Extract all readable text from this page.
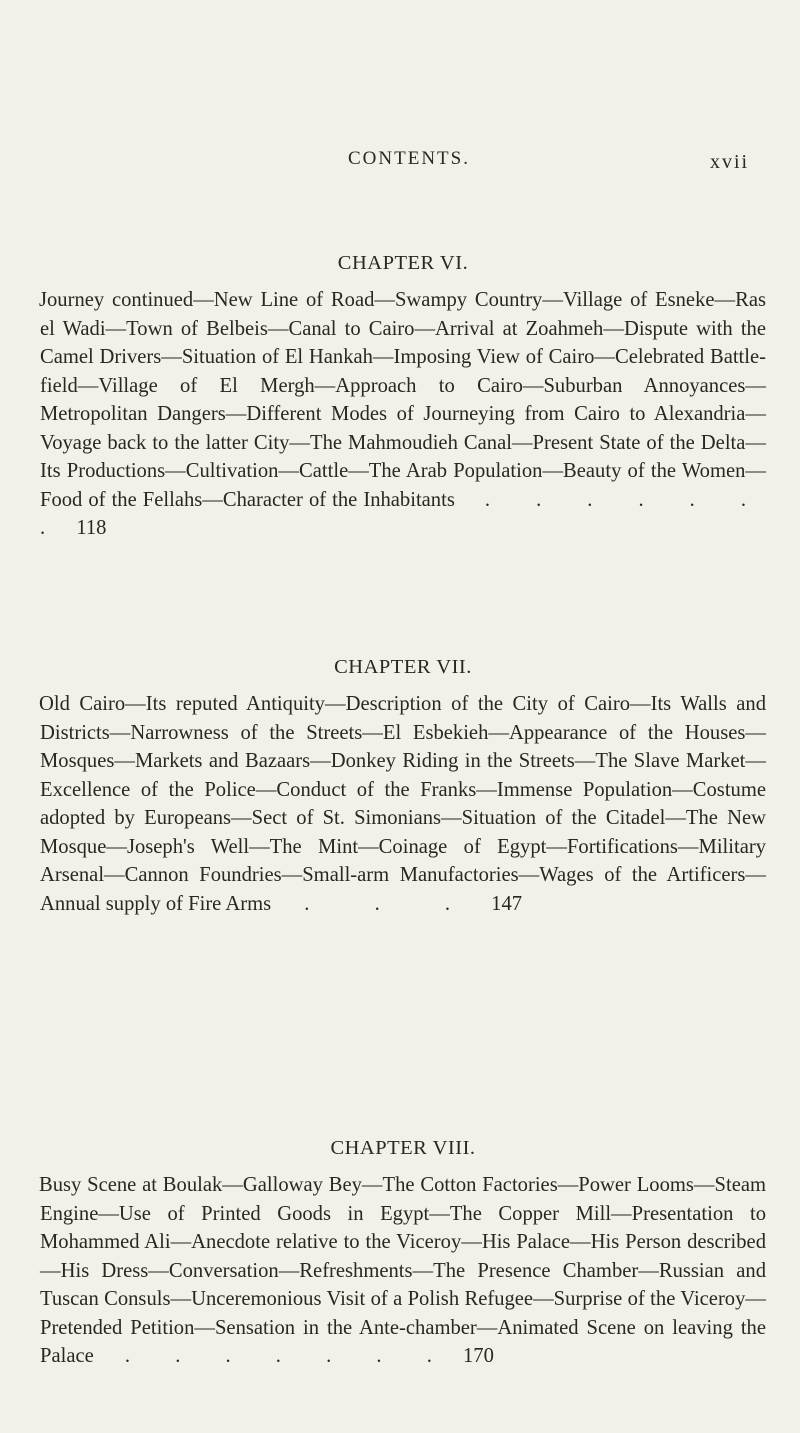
CONTENTS.	xvii
CHAPTER VI.

Journey continued—New Line of Road—Swampy Country—Village of Esneke—Ras el Wadi—Town of Belbeis—Canal to Cairo—Arrival at Zoahmeh—Dispute with the Camel Drivers—Situation of El Hankah—Imposing View of Cairo—Celebrated Battle-field—Village of El Mergh—Approach to Cairo—Suburban Annoyances—Metropolitan Dangers—Different Modes of Journeying from Cairo to Alexandria—Voyage back to the latter City—The Mahmoudieh Canal—Present State of the Delta—Its Productions—Cultivation—Cattle—The Arab Population—Beauty of the Women—Food of the Fellahs—Character of the Inhabitants . . . . . . . 118

CHAPTER VII.

Old Cairo—Its reputed Antiquity—Description of the City of Cairo—Its Walls and Districts—Narrowness of the Streets—El Esbekieh—Appearance of the Houses—Mosques—Markets and Bazaars—Donkey Riding in the Streets—The Slave Market—Excellence of the Police—Conduct of the Franks—Immense Population—Costume adopted by Europeans—Sect of St. Simonians—Situation of the Citadel—The New Mosque—Joseph's Well—The Mint—Coinage of Egypt—Fortifications—Military Arsenal—Cannon Foundries—Small-arm Manufactories—Wages of the Artificers—Annual supply of Fire Arms . . . 147

CHAPTER VIII.

Busy Scene at Boulak—Galloway Bey—The Cotton Factories—Power Looms—Steam Engine—Use of Printed Goods in Egypt—The Copper Mill—Presentation to Mohammed Ali—Anecdote relative to the Viceroy—His Palace—His Person described—His Dress—Conversation—Refreshments—The Presence Chamber—Russian and Tuscan Consuls—Unceremonious Visit of a Polish Refugee—Surprise of the Viceroy—Pretended Petition—Sensation in the Ante-chamber—Animated Scene on leaving the Palace . . . . . . . 170
